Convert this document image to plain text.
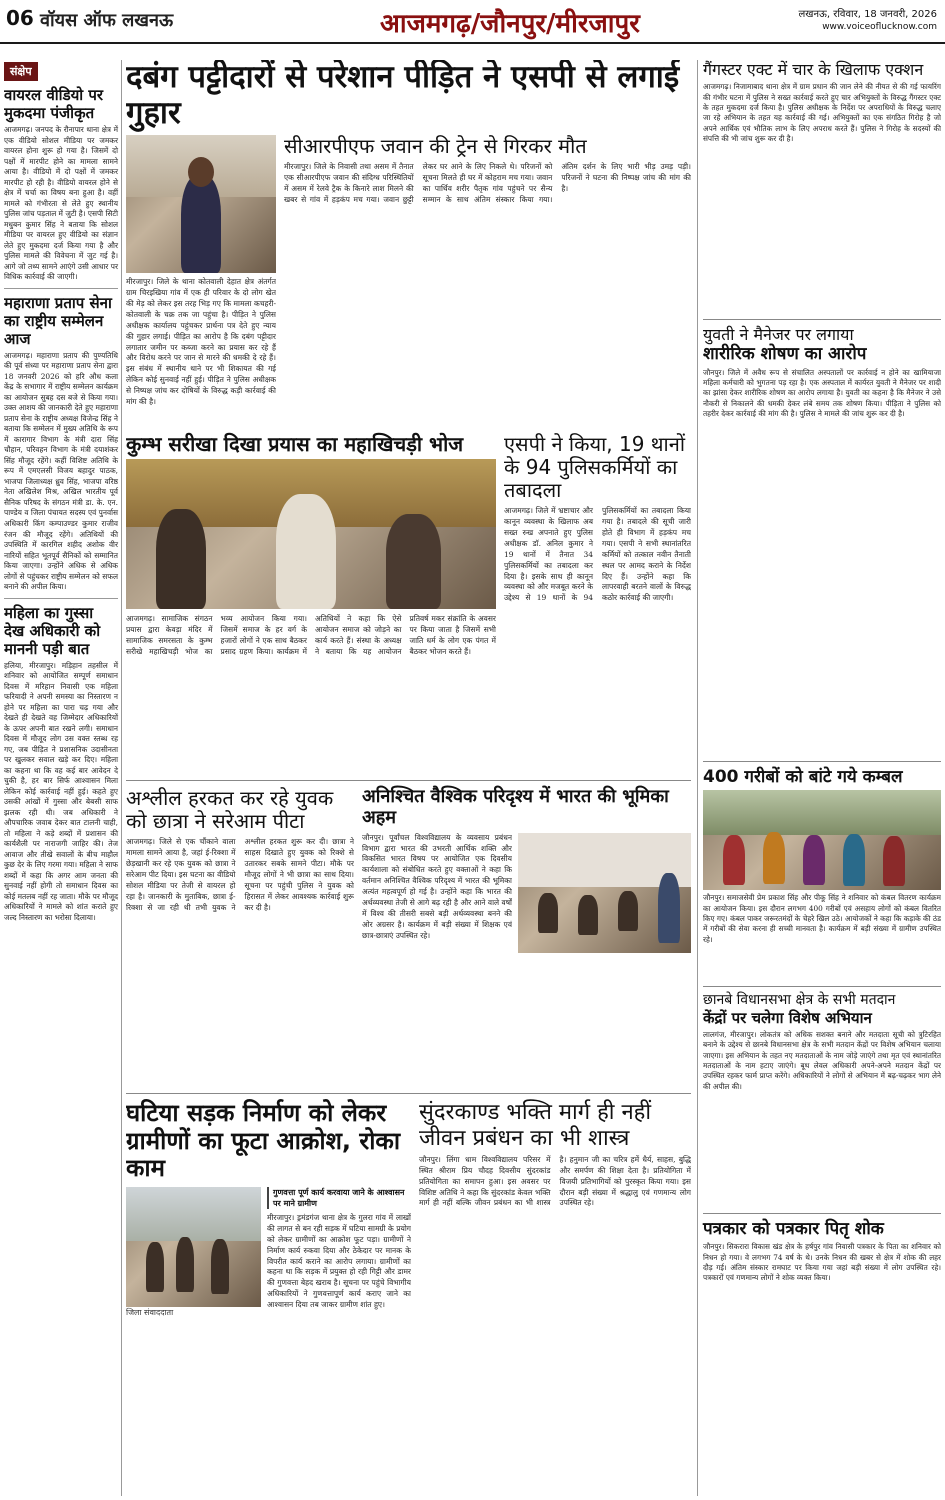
06 वॉयस ऑफ लखनऊ	आजमगढ़/जौनपुर/मीरजापुर	लखनऊ, रविवार, 18 जनवरी, 2026
www.voiceoflucknow.com
संक्षेप
वायरल वीडियो पर मुकदमा पंजीकृत
आजमगढ़। जनपद के रौनापार थाना क्षेत्र में एक वीडियो सोशल मीडिया पर जमकर वायरल होना शुरू हो गया है। जिसमें दो पक्षों में मारपीट होने का मामला सामने आया है। वीडियो में दो पक्षों में जमकर मारपीट हो रही है। वीडियो वायरल होने से क्षेत्र में चर्चा का विषय बना हुआ है। वहीं मामले को गंभीरता से लेते हुए स्थानीय पुलिस जांच पड़ताल में जुटी है। एसपी सिटी मधुबन कुमार सिंह ने बताया कि सोशल मीडिया पर वायरल हुए वीडियो का संज्ञान लेते हुए मुकदमा दर्ज किया गया है और पुलिस मामले की विवेचना में जुट गई है। आगे जो तथ्य सामने आएंगे उसी आधार पर विधिक कार्रवाई की जाएगी।
महाराणा प्रताप सेना का राष्ट्रीय सम्मेलन आज
आजमगढ़। महाराणा प्रताप की पुण्यतिथि की पूर्व संध्या पर महाराणा प्रताप सेना द्वारा 18 जनवरी 2026 को हरि औध कला केंद्र के सभागार में राष्ट्रीय सम्मेलन कार्यक्रम का आयोजन सुबह दस बजे से किया गया। उक्त आशय की जानकारी देते हुए महाराणा प्रताप सेना के राष्ट्रीय अध्यक्ष विजेन्द्र सिंह ने बताया कि सम्मेलन में मुख्य अतिथि के रूप में कारागार विभाग के मंत्री दारा सिंह चौहान, परिवहन विभाग के मंत्री दयाशंकर सिंह मौजूद रहेंगे। कहीं विशिष्ट अतिथि के रूप में एमएलसी विजय बहादुर पाठक, भाजपा जिलाध्यक्ष ध्रुव सिंह, भाजपा वरिष्ठ नेता अखिलेश मिश्र, अखिल भारतीय पूर्व सैनिक परिषद के संगठन मंत्री डा. के. एन. पाण्डेय व जिला पंचायत सदस्य एवं पुनर्वास अधिकारी किंग कम्पाउण्डर कुमार राजीव रंजन की मौजूद रहेंगे। अतिथियों की उपस्थिति में कारगिल शहीद अशोक वीर नारियों सहित भूतपूर्व सैनिकों को सम्मानित किया जाएगा। उन्होंने अधिक से अधिक लोगों से पहुंचकर राष्ट्रीय सम्मेलन को सफल बनाने की अपील किया।
महिला का गुस्सा देख अधिकारी को माननी पड़ी बात
हलिया, मीरजापुर। मड़िहान तहसील में शनिवार को आयोजित सम्पूर्ण समाधान दिवस में मरिहान निवासी एक महिला फरियादी ने अपनी समस्या का निस्तारण न होने पर महिला का पारा चढ़ गया और देखते ही देखते वह जिम्मेदार अधिकारियों के ऊपर अपनी बात रखने लगी। समाधान दिवस में मौजूद लोग उस वक्त स्तब्ध रह गए, जब पीड़ित ने प्रशासनिक उदासीनता पर खुलकर सवाल खड़े कर दिए। महिला का कहना था कि वह कई बार आवेदन दे चुकी है, हर बार सिर्फ आश्वासन मिला लेकिन कोई कार्रवाई नहीं हुई। कहते हुए उसकी आंखों में गुस्सा और बेबसी साफ झलक रही थी। जब अधिकारी ने औपचारिक जवाब देकर बात टालनी चाही, तो महिला ने कड़े शब्दों में प्रशासन की कार्यशैली पर नाराजगी जाहिर की। तेज आवाज और तीखे सवालों के बीच माहौल कुछ देर के लिए गरमा गया। महिला ने साफ शब्दों में कहा कि अगर आम जनता की सुनवाई नहीं होगी तो समाधान दिवस का कोई मतलब नहीं रह जाता। मौके पर मौजूद अधिकारियों ने मामले को शांत कराते हुए जल्द निस्तारण का भरोसा दिलाया।
दबंग पट्टीदारों से परेशान पीड़ित ने एसपी से लगाई गुहार
मीरजापुर। जिले के थाना कोतवाली देहात क्षेत्र अंतर्गत ग्राम चिरइखिया गांव में एक ही परिवार के दो लोग खेत की मेड़ को लेकर इस तरह भिड़ गए कि मामला कचहरी-कोतवाली के चक्र तक जा पहुंचा है। पीड़ित ने पुलिस अधीक्षक कार्यालय पहुंचकर प्रार्थना पत्र देते हुए न्याय की गुहार लगाई। पीड़ित का आरोप है कि दबंग पट्टीदार लगातार जमीन पर कब्जा करने का प्रयास कर रहे हैं और विरोध करने पर जान से मारने की धमकी दे रहे हैं। इस संबंध में स्थानीय थाने पर भी शिकायत की गई लेकिन कोई सुनवाई नहीं हुई। पीड़ित ने पुलिस अधीक्षक से निष्पक्ष जांच कर दोषियों के विरुद्ध कड़ी कार्रवाई की मांग की है।
सीआरपीएफ जवान की ट्रेन से गिरकर मौत
मीरजापुर। जिले के निवासी तथा असम में तैनात एक सीआरपीएफ जवान की संदिग्ध परिस्थितियों में असम में रेलवे ट्रैक के किनारे लाश मिलने की खबर से गांव में हड़कंप मच गया। जवान छुट्टी लेकर घर आने के लिए निकले थे। परिजनों को सूचना मिलते ही घर में कोहराम मच गया। जवान का पार्थिव शरीर पैतृक गांव पहुंचने पर सैन्य सम्मान के साथ अंतिम संस्कार किया गया। अंतिम दर्शन के लिए भारी भीड़ उमड़ पड़ी। परिजनों ने घटना की निष्पक्ष जांच की मांग की है।
कुम्भ सरीखा दिखा प्रयास का महाखिचड़ी भोज
आजमगढ़। सामाजिक संगठन प्रयास द्वारा केवड़ा मंदिर में सामाजिक समरसता के कुम्भ सरीखे महाखिचड़ी भोज का भव्य आयोजन किया गया। जिसमें समाज के हर वर्ग के हजारों लोगों ने एक साथ बैठकर प्रसाद ग्रहण किया। कार्यक्रम में अतिथियों ने कहा कि ऐसे आयोजन समाज को जोड़ने का कार्य करते हैं। संस्था के अध्यक्ष ने बताया कि यह आयोजन प्रतिवर्ष मकर संक्रांति के अवसर पर किया जाता है जिसमें सभी जाति धर्म के लोग एक पंगत में बैठकर भोजन करते हैं।
एसपी ने किया, 19 थानों के 94 पुलिसकर्मियों का तबादला
आजमगढ़। जिले में भ्रष्टाचार और कानून व्यवस्था के खिलाफ अब सख्त रुख अपनाते हुए पुलिस अधीक्षक डॉ. अनिल कुमार ने 19 थानों में तैनात 34 पुलिसकर्मियों का तबादला कर दिया है। इसके साथ ही कानून व्यवस्था को और मजबूत करने के उद्देश्य से 19 थानों के 94 पुलिसकर्मियों का तबादला किया गया है। तबादले की सूची जारी होते ही विभाग में हड़कंप मच गया। एसपी ने सभी स्थानांतरित कर्मियों को तत्काल नवीन तैनाती स्थल पर आमद कराने के निर्देश दिए हैं। उन्होंने कहा कि लापरवाही बरतने वालों के विरुद्ध कठोर कार्रवाई की जाएगी।
अश्लील हरकत कर रहे युवक को छात्रा ने सरेआम पीटा
आजमगढ़। जिले से एक चौंकाने वाला मामला सामने आया है, जहां ई-रिक्शा में छेड़खानी कर रहे एक युवक को छात्रा ने सरेआम पीट दिया। इस घटना का वीडियो सोशल मीडिया पर तेजी से वायरल हो रहा है। जानकारी के मुताबिक, छात्रा ई-रिक्शा से जा रही थी तभी युवक ने अश्लील हरकत शुरू कर दी। छात्रा ने साहस दिखाते हुए युवक को रिक्शे से उतारकर सबके सामने पीटा। मौके पर मौजूद लोगों ने भी छात्रा का साथ दिया। सूचना पर पहुंची पुलिस ने युवक को हिरासत में लेकर आवश्यक कार्रवाई शुरू कर दी है।
अनिश्चित वैश्विक परिदृश्य में भारत की भूमिका अहम
जौनपुर। पूर्वांचल विश्वविद्यालय के व्यवसाय प्रबंधन विभाग द्वारा भारत की उभरती आर्थिक शक्ति और विकसित भारत विषय पर आयोजित एक दिवसीय कार्यशाला को संबोधित करते हुए वक्ताओं ने कहा कि वर्तमान अनिश्चित वैश्विक परिदृश्य में भारत की भूमिका अत्यंत महत्वपूर्ण हो गई है। उन्होंने कहा कि भारत की अर्थव्यवस्था तेजी से आगे बढ़ रही है और आने वाले वर्षों में विश्व की तीसरी सबसे बड़ी अर्थव्यवस्था बनने की ओर अग्रसर है। कार्यक्रम में बड़ी संख्या में शिक्षक एवं छात्र-छात्राएं उपस्थित रहे।
घटिया सड़क निर्माण को लेकर ग्रामीणों का फूटा आक्रोश, रोका काम
जिला संवाददाता
गुणवत्ता पूर्ण कार्य करवाया जाने के आश्वासन पर माने ग्रामीण
मीरजापुर। ड्रमंडगंज थाना क्षेत्र के गुलरा गांव में लाखों की लागत से बन रही सड़क में घटिया सामग्री के प्रयोग को लेकर ग्रामीणों का आक्रोश फूट पड़ा। ग्रामीणों ने निर्माण कार्य रुकवा दिया और ठेकेदार पर मानक के विपरीत कार्य कराने का आरोप लगाया। ग्रामीणों का कहना था कि सड़क में प्रयुक्त हो रही गिट्टी और डामर की गुणवत्ता बेहद खराब है। सूचना पर पहुंचे विभागीय अधिकारियों ने गुणवत्तापूर्ण कार्य कराए जाने का आश्वासन दिया तब जाकर ग्रामीण शांत हुए।
सुंदरकाण्ड भक्ति मार्ग ही नहीं
जीवन प्रबंधन का भी शास्त्र
जौनपुर। लिंगा धाम विश्वविद्यालय परिसर में स्थित श्रीराम प्रिय चौदह दिवसीय सुंदरकांड प्रतियोगिता का समापन हुआ। इस अवसर पर विशिष्ट अतिथि ने कहा कि सुंदरकांड केवल भक्ति मार्ग ही नहीं बल्कि जीवन प्रबंधन का भी शास्त्र है। हनुमान जी का चरित्र हमें धैर्य, साहस, बुद्धि और समर्पण की शिक्षा देता है। प्रतियोगिता में विजयी प्रतिभागियों को पुरस्कृत किया गया। इस दौरान बड़ी संख्या में श्रद्धालु एवं गणमान्य लोग उपस्थित रहे।
गैंगस्टर एक्ट में चार के खिलाफ एक्शन
आजमगढ़। निजामाबाद थाना क्षेत्र में ग्राम प्रधान की जान लेने की नीयत से की गई फायरिंग की गंभीर घटना में पुलिस ने सख्त कार्रवाई करते हुए चार अभियुक्तों के विरुद्ध गैंगस्टर एक्ट के तहत मुकदमा दर्ज किया है। पुलिस अधीक्षक के निर्देश पर अपराधियों के विरुद्ध चलाए जा रहे अभियान के तहत यह कार्रवाई की गई। अभियुक्तों का एक संगठित गिरोह है जो अपने आर्थिक एवं भौतिक लाभ के लिए अपराध करते हैं। पुलिस ने गिरोह के सदस्यों की संपत्ति की भी जांच शुरू कर दी है।
युवती ने मैनेजर पर लगाया
शारीरिक शोषण का आरोप
जौनपुर। जिले में अवैध रूप से संचालित अस्पतालों पर कार्रवाई न होने का खामियाजा महिला कर्मचारी को भुगतना पड़ रहा है। एक अस्पताल में कार्यरत युवती ने मैनेजर पर शादी का झांसा देकर शारीरिक शोषण का आरोप लगाया है। युवती का कहना है कि मैनेजर ने उसे नौकरी से निकालने की धमकी देकर लंबे समय तक शोषण किया। पीड़िता ने पुलिस को तहरीर देकर कार्रवाई की मांग की है। पुलिस ने मामले की जांच शुरू कर दी है।
400 गरीबों को बांटे गये कम्बल
जौनपुर। समाजसेवी प्रेम प्रकाश सिंह और पीकू सिंह ने शनिवार को कंबल वितरण कार्यक्रम का आयोजन किया। इस दौरान लगभग 400 गरीबों एवं असहाय लोगों को कंबल वितरित किए गए। कंबल पाकर जरूरतमंदों के चेहरे खिल उठे। आयोजकों ने कहा कि कड़ाके की ठंड में गरीबों की सेवा करना ही सच्ची मानवता है। कार्यक्रम में बड़ी संख्या में ग्रामीण उपस्थित रहे।
छानबे विधानसभा क्षेत्र के सभी मतदान
केंद्रों पर चलेगा विशेष अभियान
लालगंज, मीरजापुर। लोकतंत्र को अधिक सशक्त बनाने और मतदाता सूची को त्रुटिरहित बनाने के उद्देश्य से छानबे विधानसभा क्षेत्र के सभी मतदान केंद्रों पर विशेष अभियान चलाया जाएगा। इस अभियान के तहत नए मतदाताओं के नाम जोड़े जाएंगे तथा मृत एवं स्थानांतरित मतदाताओं के नाम हटाए जाएंगे। बूथ लेवल अधिकारी अपने-अपने मतदान केंद्रों पर उपस्थित रहकर फार्म प्राप्त करेंगे। अधिकारियों ने लोगों से अभियान में बढ़-चढ़कर भाग लेने की अपील की।
पत्रकार को पत्रकार पितृ शोक
जौनपुर। सिकरारा विकास खंड क्षेत्र के हर्षपुर गांव निवासी पत्रकार के पिता का शनिवार को निधन हो गया। वे लगभग 74 वर्ष के थे। उनके निधन की खबर से क्षेत्र में शोक की लहर दौड़ गई। अंतिम संस्कार रामघाट पर किया गया जहां बड़ी संख्या में लोग उपस्थित रहे। पत्रकारों एवं गणमान्य लोगों ने शोक व्यक्त किया।
